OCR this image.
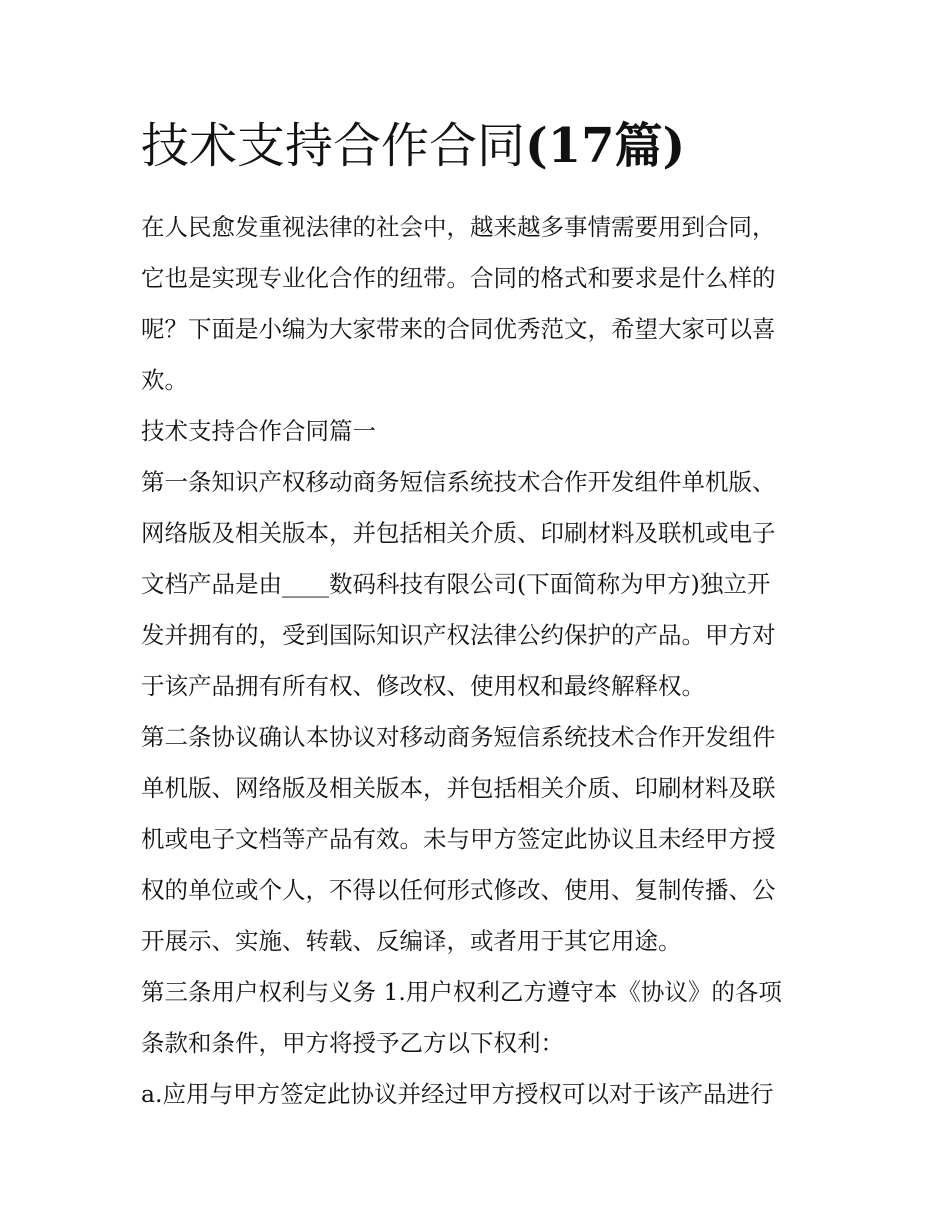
技术支持合作合同(17篇)
在人民愈发重视法律的社会中，越来越多事情需要用到合同，
它也是实现专业化合作的纽带。合同的格式和要求是什么样的
呢？下面是小编为大家带来的合同优秀范文，希望大家可以喜
欢。
技术支持合作合同篇一
第一条知识产权移动商务短信系统技术合作开发组件单机版、
网络版及相关版本，并包括相关介质、印刷材料及联机或电子
文档产品是由____数码科技有限公司(下面简称为甲方)独立开
发并拥有的，受到国际知识产权法律公约保护的产品。甲方对
于该产品拥有所有权、修改权、使用权和最终解释权。
第二条协议确认本协议对移动商务短信系统技术合作开发组件
单机版、网络版及相关版本，并包括相关介质、印刷材料及联
机或电子文档等产品有效。未与甲方签定此协议且未经甲方授
权的单位或个人，不得以任何形式修改、使用、复制传播、公
开展示、实施、转载、反编译，或者用于其它用途。
第三条用户权利与义务 1.用户权利乙方遵守本《协议》的各项
条款和条件，甲方将授予乙方以下权利：
a.应用与甲方签定此协议并经过甲方授权可以对于该产品进行
